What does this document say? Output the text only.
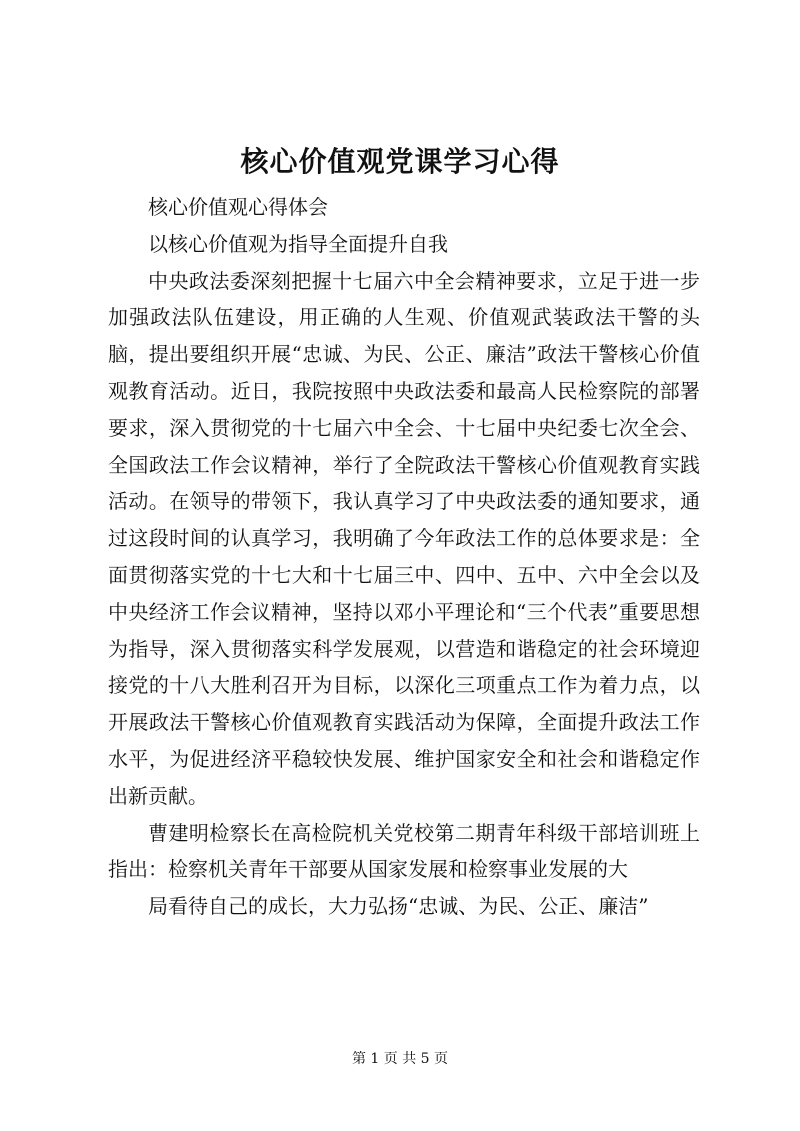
核心价值观党课学习心得

核心价值观心得体会

以核心价值观为指导全面提升自我

中央政法委深刻把握十七届六中全会精神要求，立足于进一步加强政法队伍建设，用正确的人生观、价值观武装政法干警的头脑，提出要组织开展“忠诚、为民、公正、廉洁”政法干警核心价值观教育活动。近日，我院按照中央政法委和最高人民检察院的部署要求，深入贯彻党的十七届六中全会、十七届中央纪委七次全会、全国政法工作会议精神，举行了全院政法干警核心价值观教育实践活动。在领导的带领下，我认真学习了中央政法委的通知要求，通过这段时间的认真学习，我明确了今年政法工作的总体要求是：全面贯彻落实党的十七大和十七届三中、四中、五中、六中全会以及中央经济工作会议精神，坚持以邓小平理论和“三个代表”重要思想为指导，深入贯彻落实科学发展观，以营造和谐稳定的社会环境迎接党的十八大胜利召开为目标，以深化三项重点工作为着力点，以开展政法干警核心价值观教育实践活动为保障，全面提升政法工作水平，为促进经济平稳较快发展、维护国家安全和社会和谐稳定作出新贡献。

曹建明检察长在高检院机关党校第二期青年科级干部培训班上指出：检察机关青年干部要从国家发展和检察事业发展的大

局看待自己的成长，大力弘扬“忠诚、为民、公正、廉洁”

第 1 页 共 5 页
